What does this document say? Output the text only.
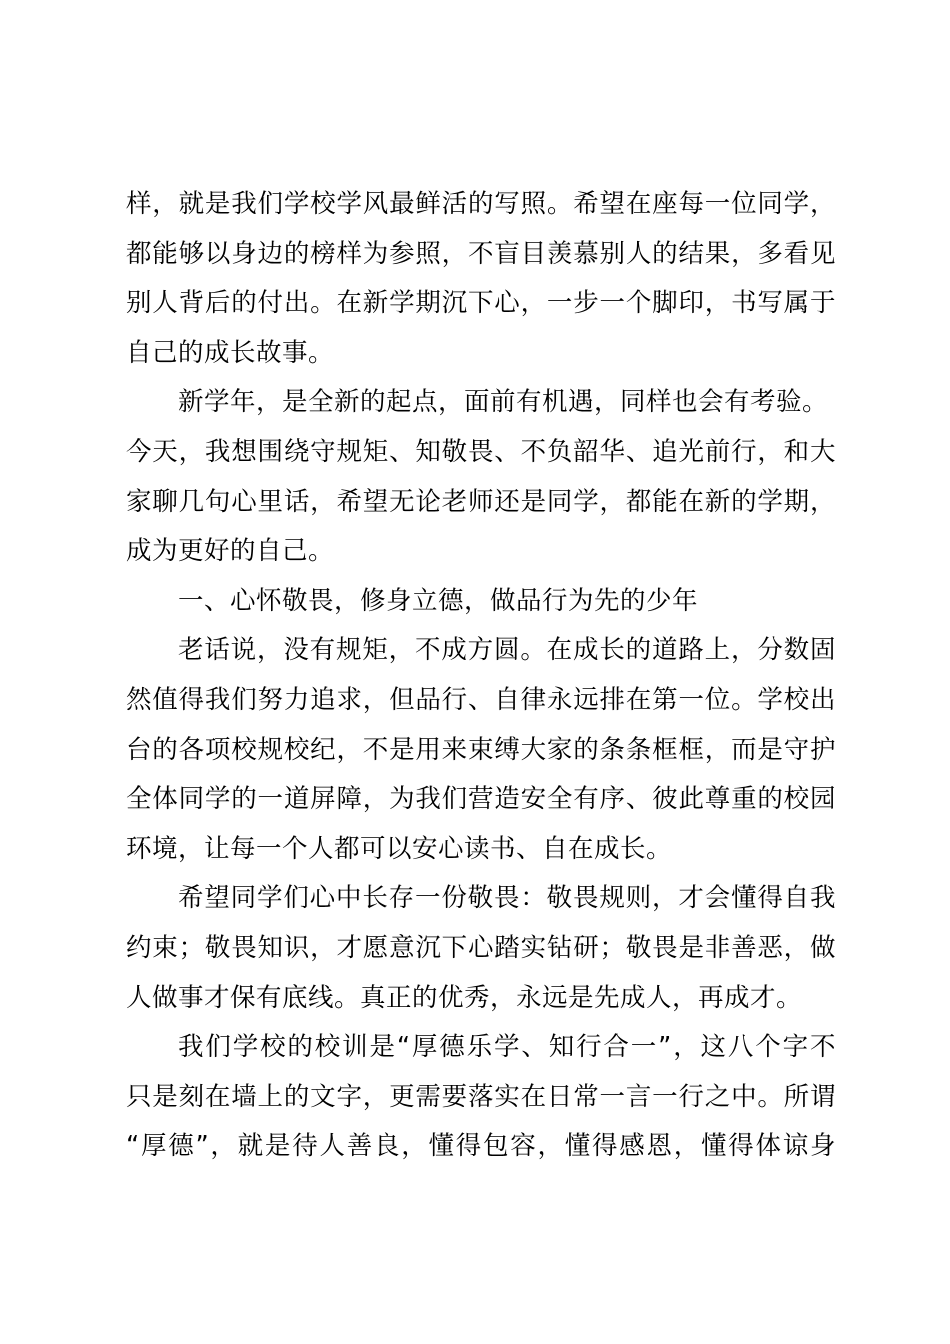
样，就是我们学校学风最鲜活的写照。希望在座每一位同学，
都能够以身边的榜样为参照，不盲目羡慕别人的结果，多看见
别人背后的付出。在新学期沉下心，一步一个脚印，书写属于
自己的成长故事。
新学年，是全新的起点，面前有机遇，同样也会有考验。
今天，我想围绕守规矩、知敬畏、不负韶华、追光前行，和大
家聊几句心里话，希望无论老师还是同学，都能在新的学期，
成为更好的自己。
一、心怀敬畏，修身立德，做品行为先的少年
老话说，没有规矩，不成方圆。在成长的道路上，分数固
然值得我们努力追求，但品行、自律永远排在第一位。学校出
台的各项校规校纪，不是用来束缚大家的条条框框，而是守护
全体同学的一道屏障，为我们营造安全有序、彼此尊重的校园
环境，让每一个人都可以安心读书、自在成长。
希望同学们心中长存一份敬畏：敬畏规则，才会懂得自我
约束；敬畏知识，才愿意沉下心踏实钻研；敬畏是非善恶，做
人做事才保有底线。真正的优秀，永远是先成人，再成才。
我们学校的校训是“厚德乐学、知行合一”，这八个字不
只是刻在墙上的文字，更需要落实在日常一言一行之中。所谓
“厚德”，就是待人善良，懂得包容，懂得感恩，懂得体谅身
